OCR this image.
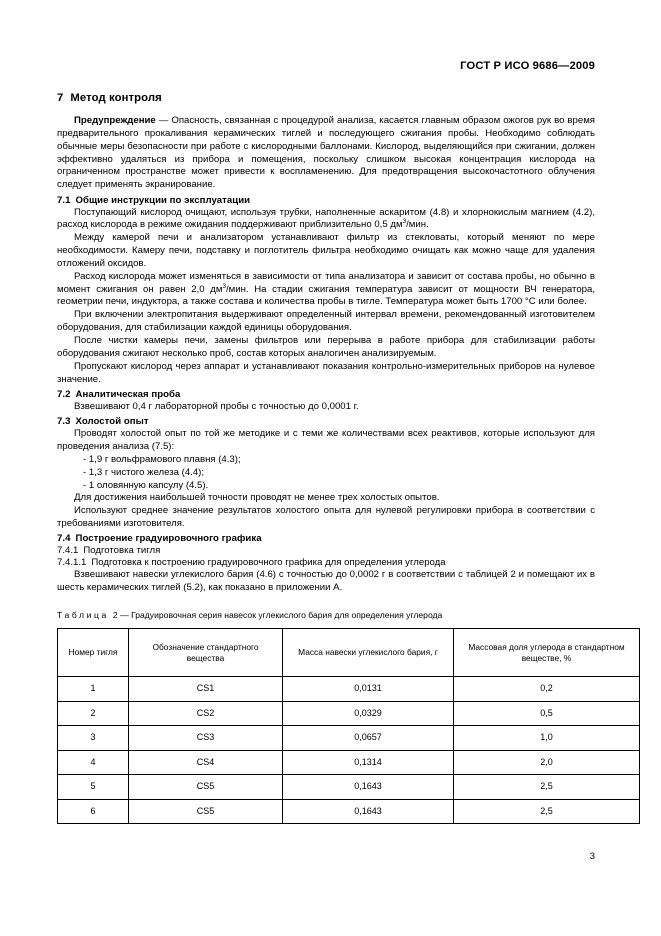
ГОСТ Р ИСО 9686—2009
7 Метод контроля

Предупреждение — Опасность, связанная с процедурой анализа, касается главным образом ожогов рук во время предварительного прокаливания керамических тиглей и последующего сжигания пробы. Необходимо соблюдать обычные меры безопасности при работе с кислородными баллонами. Кислород, выделяющийся при сжигании, должен эффективно удаляться из прибора и помещения, поскольку слишком высокая концентрация кислорода на ограниченном пространстве может привести к воспламенению. Для предотвращения высокочастотного облучения следует применять экранирование.

7.1 Общие инструкции по эксплуатации

Поступающий кислород очищают, используя трубки, наполненные аскаритом (4.8) и хлорнокислым магнием (4.2), расход кислорода в режиме ожидания поддерживают приблизительно 0,5 $дм^3$/мин.

Между камерой печи и анализатором устанавливают фильтр из стекловаты, который меняют по мере необходимости. Камеру печи, подставку и поглотитель фильтра необходимо очищать как можно чаще для удаления отложений оксидов.

Расход кислорода может изменяться в зависимости от типа анализатора и зависит от состава пробы, но обычно в момент сжигания он равен 2,0 $дм^3$/мин. На стадии сжигания температура зависит от мощности ВЧ генератора, геометрии печи, индуктора, а также состава и количества пробы в тигле. Температура может быть 1700 °С или более.

При включении электропитания выдерживают определенный интервал времени, рекомендованный изготовителем оборудования, для стабилизации каждой единицы оборудования.

После чистки камеры печи, замены фильтров или перерыва в работе прибора для стабилизации работы оборудования сжигают несколько проб, состав которых аналогичен анализируемым.

Пропускают кислород через аппарат и устанавливают показания контрольно-измерительных приборов на нулевое значение.

7.2 Аналитическая проба

Взвешивают 0,4 г лабораторной пробы с точностью до 0,0001 г.

7.3 Холостой опыт

Проводят холостой опыт по той же методике и с теми же количествами всех реактивов, которые используют для проведения анализа (7.5):

- 1,9 г вольфрамового плавня (4.3);

- 1,3 г чистого железа (4.4);

- 1 оловянную капсулу (4.5).

Для достижения наибольшей точности проводят не менее трех холостых опытов.

Используют среднее значение результатов холостого опыта для нулевой регулировки прибора в соответствии с требованиями изготовителя.

7.4 Построение градуировочного графика
7.4.1 Подготовка тигля
7.4.1.1 Подготовка к построению градуировочного графика для определения углерода

Взвешивают навески углекислого бария (4.6) с точностью до 0,0002 г в соответствии с таблицей 2 и помещают их в шесть керамических тиглей (5.2), как показано в приложении А.

Таблица 2 — Градуировочная серия навесок углекислого бария для определения углерода

Номер тигля	Обозначение стандартного вещества	Масса навески углекислого бария, г	Массовая доля углерода в стандартном веществе, %
1	CS1	0,0131	0,2
2	CS2	0,0329	0,5
3	CS3	0,0657	1,0
4	CS4	0,1314	2,0
5	CS5	0,1643	2,5
6	CS5	0,1643	2,5
3
